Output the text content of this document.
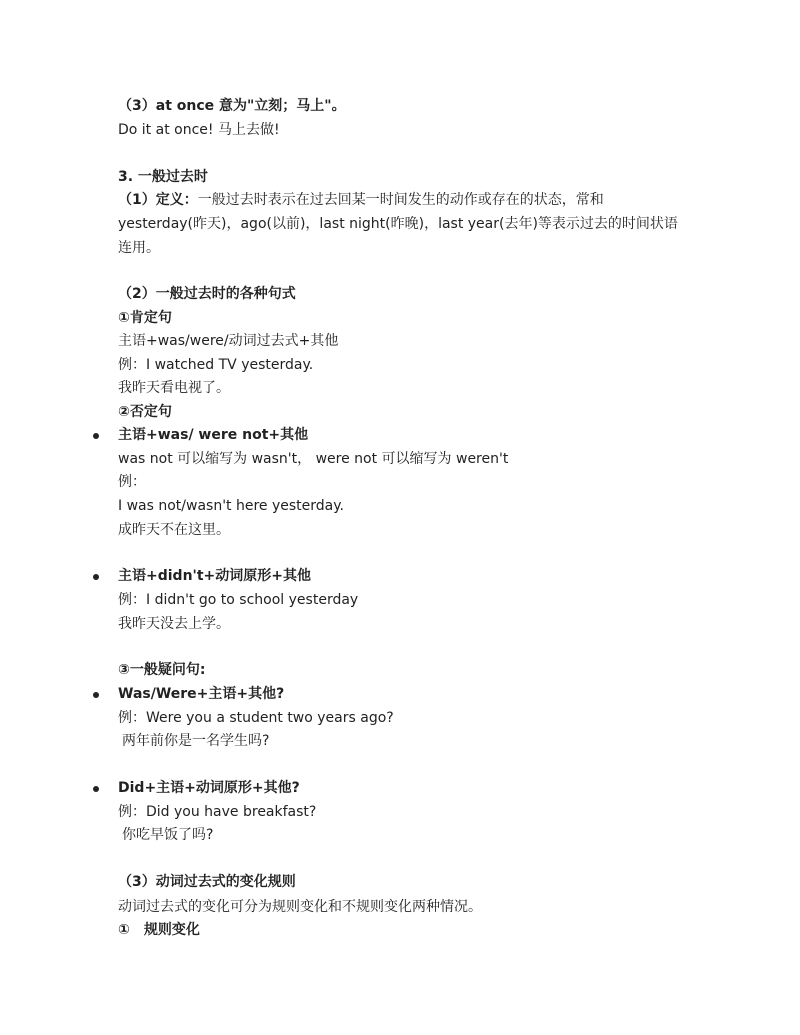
（3）at once 意为"立刻；马上"。
Do it at once! 马上去做!
3. 一般过去时
（1）定义：一般过去时表示在过去回某一时间发生的动作或存在的状态，常和
yesterday(昨天)，ago(以前)，last night(昨晚)，last year(去年)等表示过去的时间状语
连用。
（2）一般过去时的各种句式
①肯定句
主语+was/were/动词过去式+其他
例：I watched TV yesterday.
我昨天看电视了。
②否定句
主语+was/ were not+其他
was not 可以缩写为 wasn't， were not 可以缩写为 weren't
例：
I was not/wasn't here yesterday.
成昨天不在这里。
主语+didn't+动词原形+其他
例：I didn't go to school yesterday
我昨天没去上学。
③一般疑问句:
Was/Were+主语+其他?
例：Were you a student two years ago?
两年前你是一名学生吗?
Did+主语+动词原形+其他?
例：Did you have breakfast?
你吃早饭了吗?
（3）动词过去式的变化规则
动词过去式的变化可分为规则变化和不规则变化两种情况。
① 规则变化
